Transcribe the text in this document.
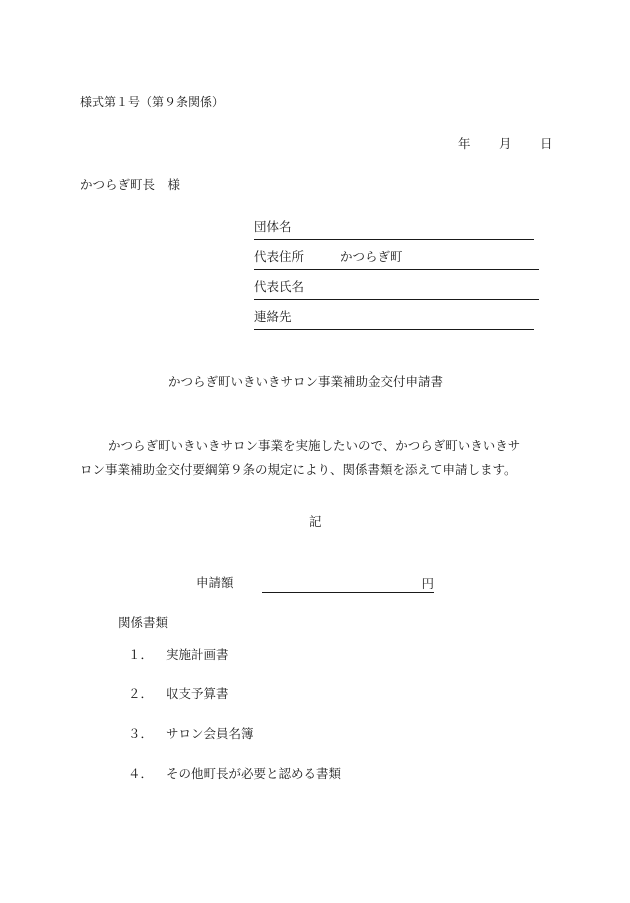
様式第１号（第９条関係）
年 月 日
かつらぎ町長　様
団体名
代表住所	かつらぎ町
代表氏名
連絡先
かつらぎ町いきいきサロン事業補助金交付申請書
かつらぎ町いきいきサロン事業を実施したいので、かつらぎ町いきいきサ
ロン事業補助金交付要綱第９条の規定により、関係書類を添えて申請します。
記
申請額	円
関係書類
１． 実施計画書
２． 収支予算書
３． サロン会員名簿
４． その他町長が必要と認める書類
